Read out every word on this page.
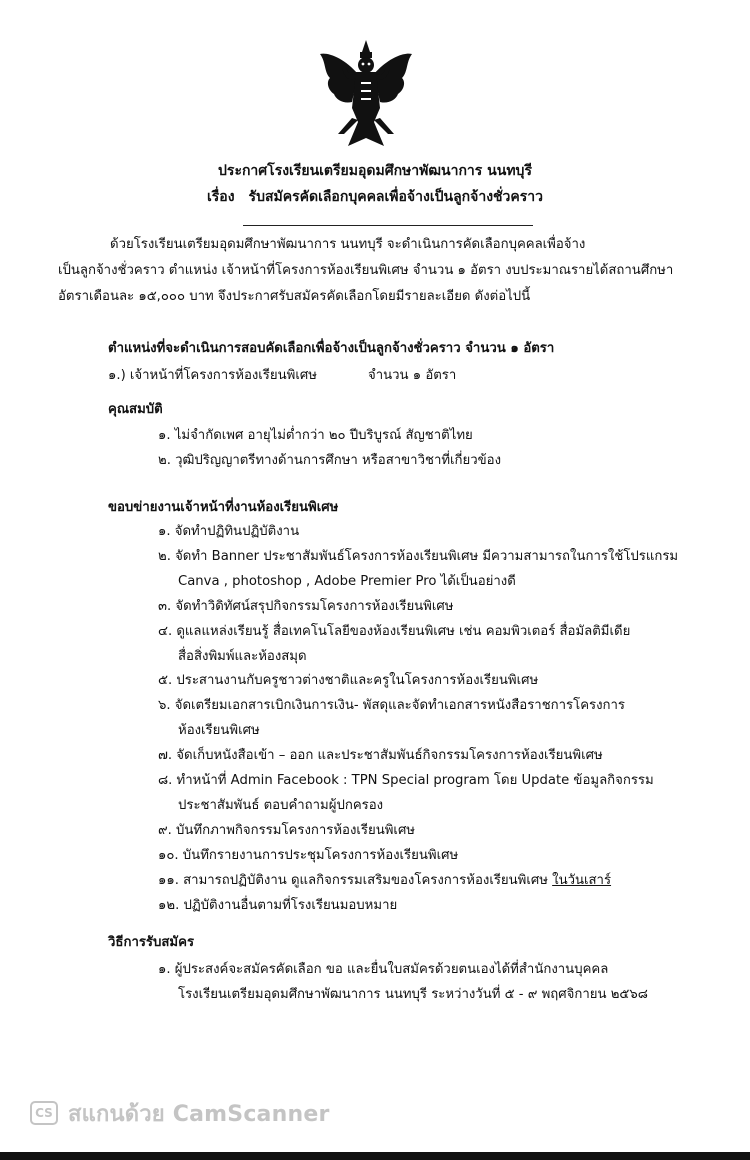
ประกาศโรงเรียนเตรียมอุดมศึกษาพัฒนาการ นนทบุรี
เรื่อง รับสมัครคัดเลือกบุคคลเพื่อจ้างเป็นลูกจ้างชั่วคราว

ด้วยโรงเรียนเตรียมอุดมศึกษาพัฒนาการ นนทบุรี จะดำเนินการคัดเลือกบุคคลเพื่อจ้าง

เป็นลูกจ้างชั่วคราว ตำแหน่ง เจ้าหน้าที่โครงการห้องเรียนพิเศษ จำนวน ๑ อัตรา งบประมาณรายได้สถานศึกษา

อัตราเดือนละ ๑๕,๐๐๐ บาท จึงประกาศรับสมัครคัดเลือกโดยมีรายละเอียด ดังต่อไปนี้

ตำแหน่งที่จะดำเนินการสอบคัดเลือกเพื่อจ้างเป็นลูกจ้างชั่วคราว จำนวน ๑ อัตรา
๑.) เจ้าหน้าที่โครงการห้องเรียนพิเศษ	จำนวน ๑ อัตรา
คุณสมบัติ
๑. ไม่จำกัดเพศ อายุไม่ต่ำกว่า ๒๐ ปีบริบูรณ์ สัญชาติไทย
๒. วุฒิปริญญาตรีทางด้านการศึกษา หรือสาขาวิชาที่เกี่ยวข้อง
ขอบข่ายงานเจ้าหน้าที่งานห้องเรียนพิเศษ
๑. จัดทำปฏิทินปฏิบัติงาน
๒. จัดทำ Banner ประชาสัมพันธ์โครงการห้องเรียนพิเศษ มีความสามารถในการใช้โปรแกรม
Canva , photoshop , Adobe Premier Pro ได้เป็นอย่างดี
๓. จัดทำวิดิทัศน์สรุปกิจกรรมโครงการห้องเรียนพิเศษ
๔. ดูแลแหล่งเรียนรู้ สื่อเทคโนโลยีของห้องเรียนพิเศษ เช่น คอมพิวเตอร์ สื่อมัลติมีเดีย
สื่อสิ่งพิมพ์และห้องสมุด
๕. ประสานงานกับครูชาวต่างชาติและครูในโครงการห้องเรียนพิเศษ
๖. จัดเตรียมเอกสารเบิกเงินการเงิน- พัสดุและจัดทำเอกสารหนังสือราชการโครงการ
ห้องเรียนพิเศษ
๗. จัดเก็บหนังสือเข้า – ออก และประชาสัมพันธ์กิจกรรมโครงการห้องเรียนพิเศษ
๘. ทำหน้าที่ Admin Facebook : TPN Special program โดย Update ข้อมูลกิจกรรม
ประชาสัมพันธ์ ตอบคำถามผู้ปกครอง
๙. บันทึกภาพกิจกรรมโครงการห้องเรียนพิเศษ
๑๐. บันทึกรายงานการประชุมโครงการห้องเรียนพิเศษ
๑๑. สามารถปฏิบัติงาน ดูแลกิจกรรมเสริมของโครงการห้องเรียนพิเศษ ในวันเสาร์
๑๒. ปฏิบัติงานอื่นตามที่โรงเรียนมอบหมาย
วิธีการรับสมัคร
๑. ผู้ประสงค์จะสมัครคัดเลือก ขอ และยื่นใบสมัครด้วยตนเองได้ที่สำนักงานบุคคล
โรงเรียนเตรียมอุดมศึกษาพัฒนาการ นนทบุรี ระหว่างวันที่ ๕ - ๙ พฤศจิกายน ๒๕๖๘
CS สแกนด้วย CamScanner
